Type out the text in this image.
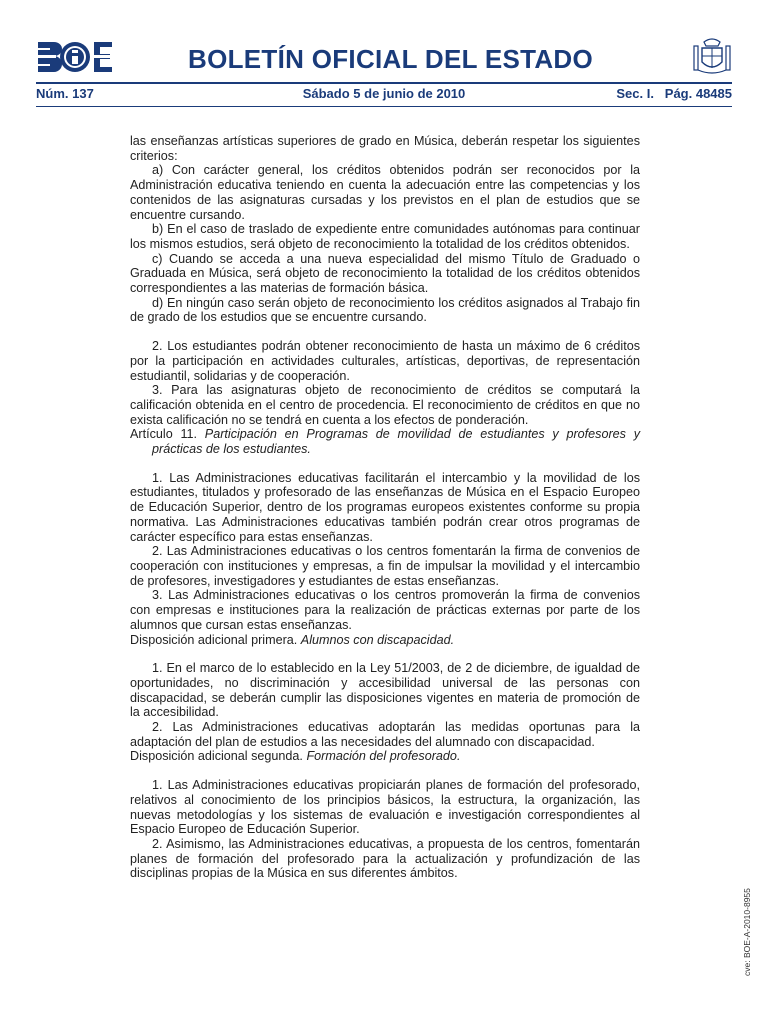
BOLETÍN OFICIAL DEL ESTADO
Núm. 137	Sábado 5 de junio de 2010	Sec. I.   Pág. 48485

las enseñanzas artísticas superiores de grado en Música, deberán respetar los siguientes criterios:

a) Con carácter general, los créditos obtenidos podrán ser reconocidos por la Administración educativa teniendo en cuenta la adecuación entre las competencias y los contenidos de las asignaturas cursadas y los previstos en el plan de estudios que se encuentre cursando.

b) En el caso de traslado de expediente entre comunidades autónomas para continuar los mismos estudios, será objeto de reconocimiento la totalidad de los créditos obtenidos.

c) Cuando se acceda a una nueva especialidad del mismo Título de Graduado o Graduada en Música, será objeto de reconocimiento la totalidad de los créditos obtenidos correspondientes a las materias de formación básica.

d) En ningún caso serán objeto de reconocimiento los créditos asignados al Trabajo fin de grado de los estudios que se encuentre cursando.

2. Los estudiantes podrán obtener reconocimiento de hasta un máximo de 6 créditos por la participación en actividades culturales, artísticas, deportivas, de representación estudiantil, solidarias y de cooperación.

3. Para las asignaturas objeto de reconocimiento de créditos se computará la calificación obtenida en el centro de procedencia. El reconocimiento de créditos en que no exista calificación no se tendrá en cuenta a los efectos de ponderación.

Artículo 11. Participación en Programas de movilidad de estudiantes y profesores y prácticas de los estudiantes.

1. Las Administraciones educativas facilitarán el intercambio y la movilidad de los estudiantes, titulados y profesorado de las enseñanzas de Música en el Espacio Europeo de Educación Superior, dentro de los programas europeos existentes conforme su propia normativa. Las Administraciones educativas también podrán crear otros programas de carácter específico para estas enseñanzas.

2. Las Administraciones educativas o los centros fomentarán la firma de convenios de cooperación con instituciones y empresas, a fin de impulsar la movilidad y el intercambio de profesores, investigadores y estudiantes de estas enseñanzas.

3. Las Administraciones educativas o los centros promoverán la firma de convenios con empresas e instituciones para la realización de prácticas externas por parte de los alumnos que cursan estas enseñanzas.

Disposición adicional primera. Alumnos con discapacidad.

1. En el marco de lo establecido en la Ley 51/2003, de 2 de diciembre, de igualdad de oportunidades, no discriminación y accesibilidad universal de las personas con discapacidad, se deberán cumplir las disposiciones vigentes en materia de promoción de la accesibilidad.

2. Las Administraciones educativas adoptarán las medidas oportunas para la adaptación del plan de estudios a las necesidades del alumnado con discapacidad.

Disposición adicional segunda. Formación del profesorado.

1. Las Administraciones educativas propiciarán planes de formación del profesorado, relativos al conocimiento de los principios básicos, la estructura, la organización, las nuevas metodologías y los sistemas de evaluación e investigación correspondientes al Espacio Europeo de Educación Superior.

2. Asimismo, las Administraciones educativas, a propuesta de los centros, fomentarán planes de formación del profesorado para la actualización y profundización de las disciplinas propias de la Música en sus diferentes ámbitos.

cve: BOE-A-2010-8955
